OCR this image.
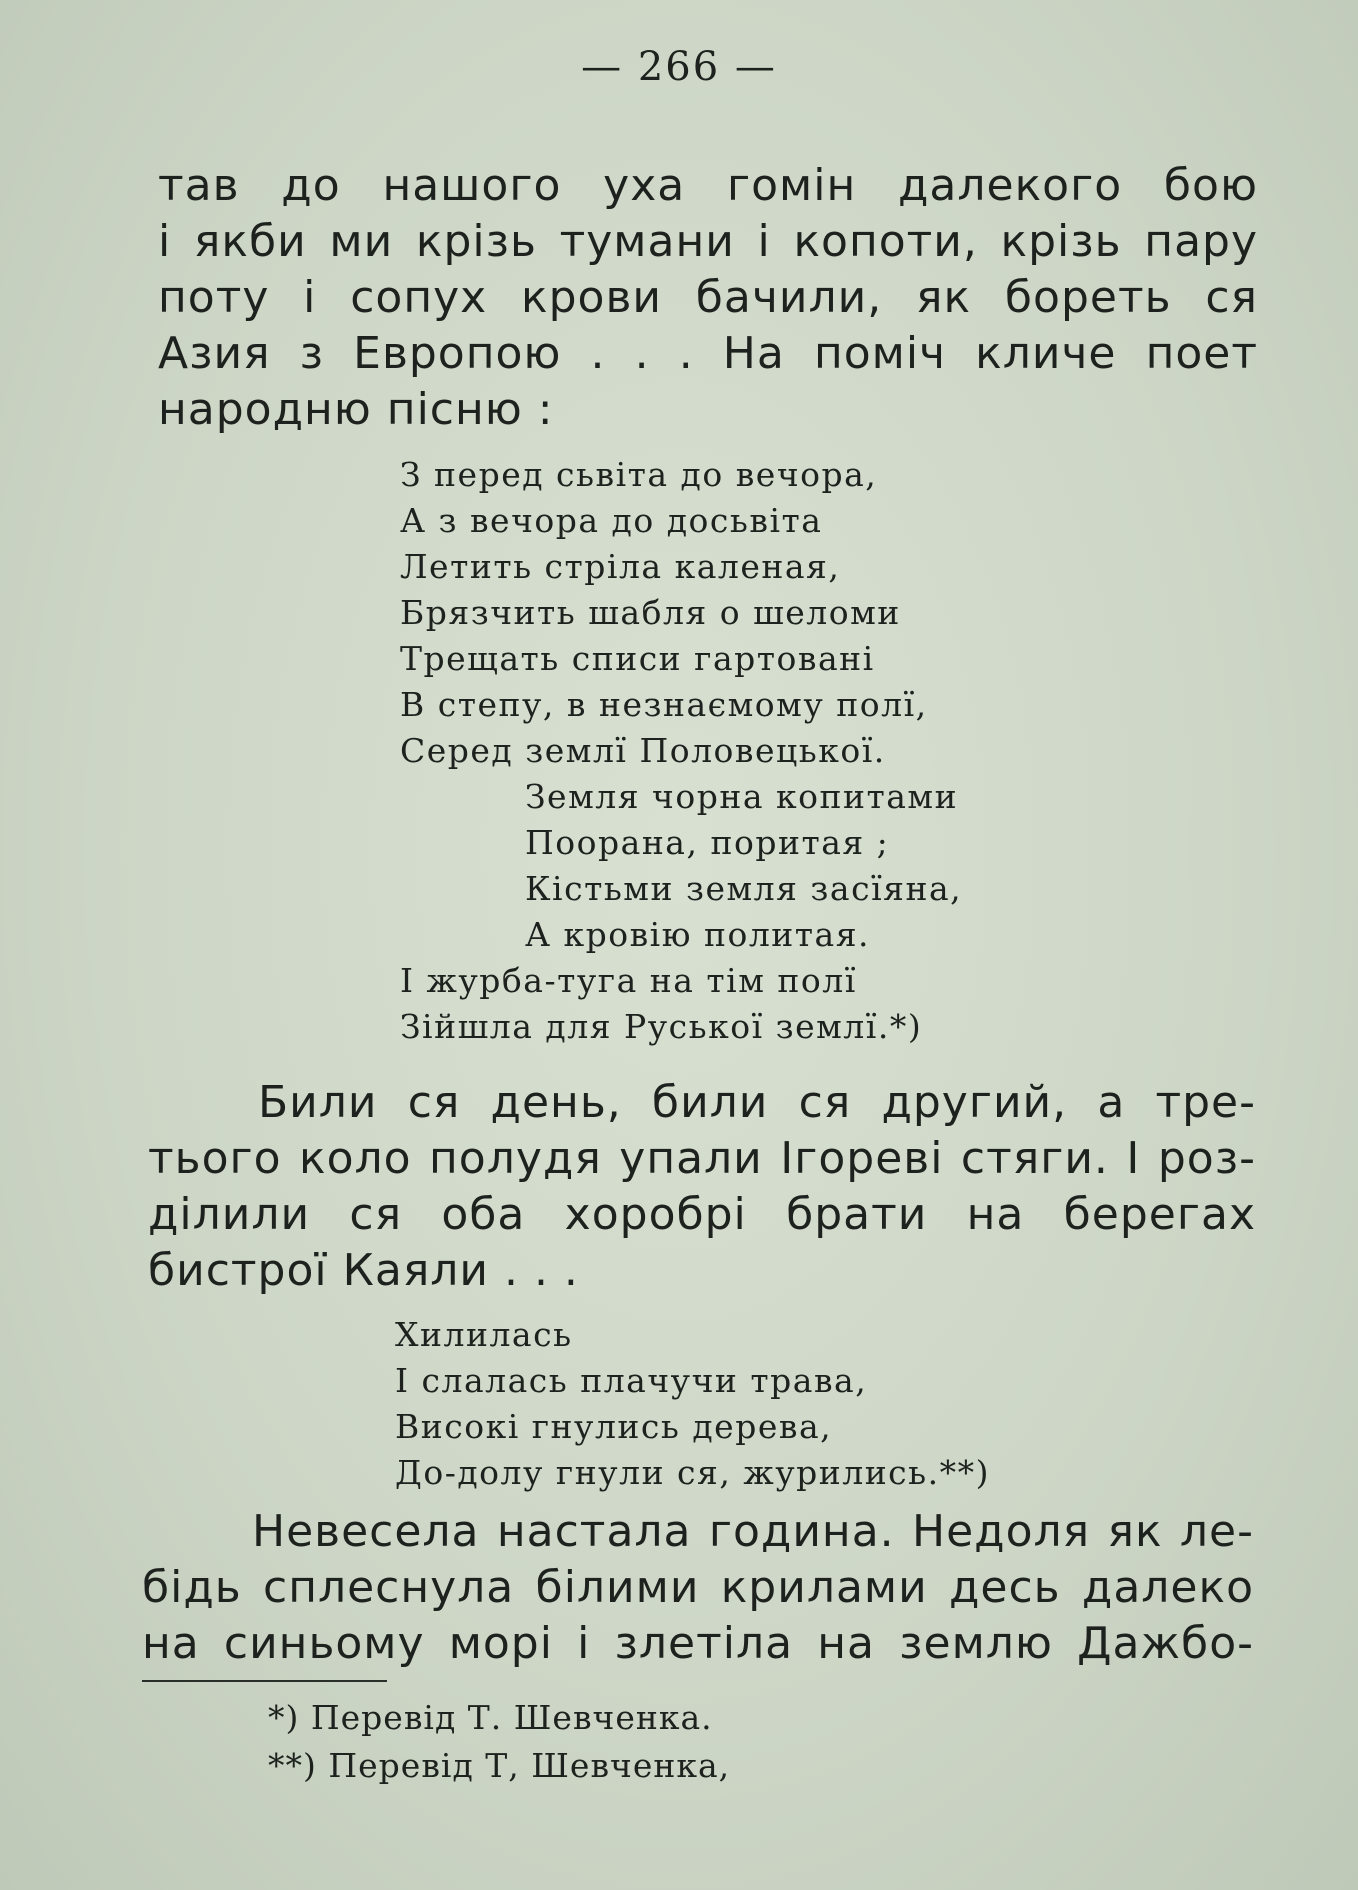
— 266 —
тав до нашого уха гомін далекого бою
і якби ми крізь тумани і копоти, крізь пару
поту і сопух крови бачили, як бореть ся
Азия з Европою . . . На поміч кличе поет
народню пісню :
З перед сьвіта до вечора,
А з вечора до досьвіта
Летить стріла каленая,
Брязчить шабля о шеломи
Трещать списи гартовані
В степу, в незнаємому полї,
Серед землї Половецької.
Земля чорна копитами
Поорана, поритая ;
Кістьми земля засїяна,
А кровію политая.
І журба-туга на тім полї
Зійшла для Руської землї.*)
Били ся день, били ся другий, а тре-
тього коло полудя упали Ігореві стяги. І роз-
ділили ся оба хоробрі брати на берегах
бистрої Каяли . . .
Хилилась
І слалась плачучи трава,
Високі гнулись дерева,
До-долу гнули ся, журились.**)
Невесела настала година. Недоля як ле-
бідь сплеснула білими крилами десь далеко
на синьому морі і злетіла на землю Дажбо-
*) Перевід Т. Шевченка.
**) Перевід Т, Шевченка,
